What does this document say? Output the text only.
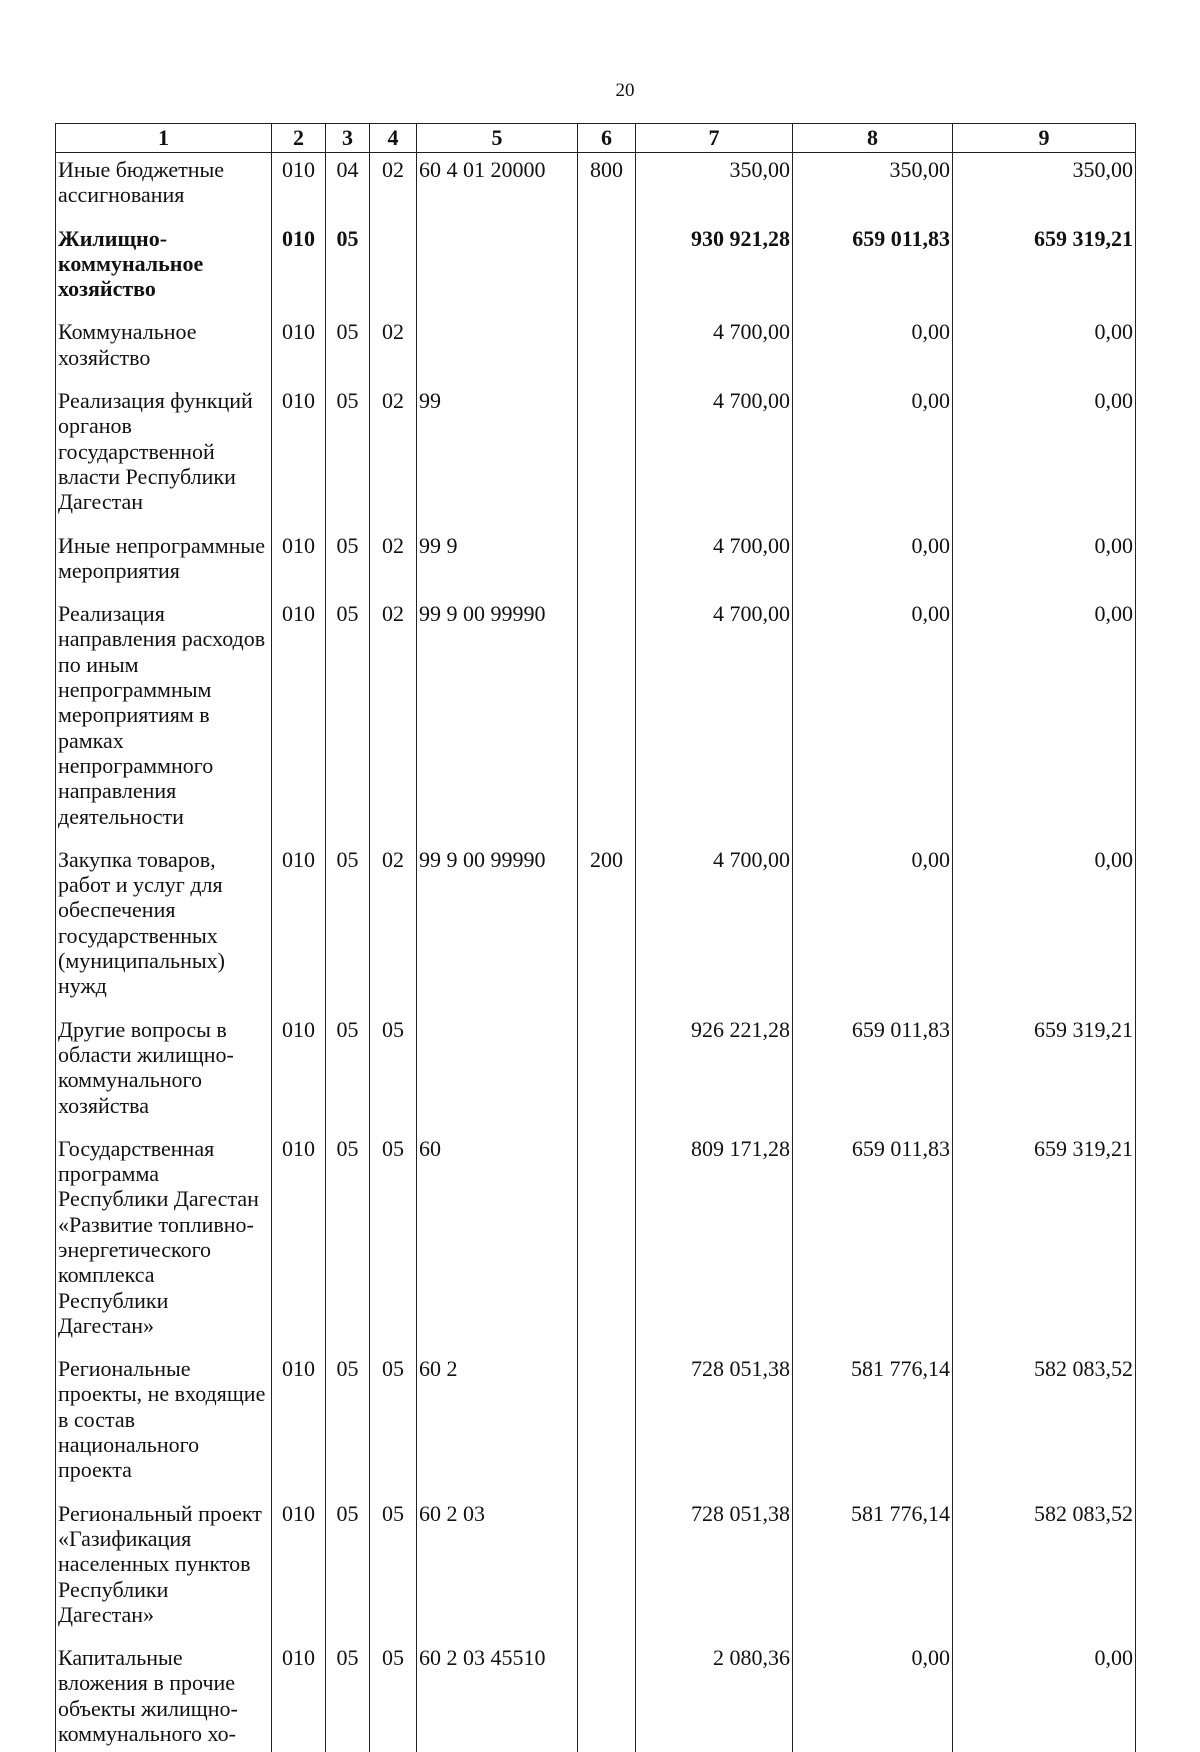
20
1	2	3	4	5	6	7	8	9
Иные бюджетные ассигнования	010	04	02	60 4 01 20000	800	350,00	350,00	350,00
Жилищно-коммунальное хозяйство	010	05				930 921,28	659 011,83	659 319,21
Коммунальное хозяйство	010	05	02			4 700,00	0,00	0,00
Реализация функций органов государственной власти Республики Дагестан	010	05	02	99		4 700,00	0,00	0,00
Иные непрограммные мероприятия	010	05	02	99 9		4 700,00	0,00	0,00
Реализация направления расходов по иным непрограммным мероприятиям в рамках непрограммного направления деятельности	010	05	02	99 9 00 99990		4 700,00	0,00	0,00
Закупка товаров, работ и услуг для обеспечения государственных (муниципальных) нужд	010	05	02	99 9 00 99990	200	4 700,00	0,00	0,00
Другие вопросы в области жилищно-коммунального хозяйства	010	05	05			926 221,28	659 011,83	659 319,21
Государственная программа Республики Дагестан «Развитие топливно-энергетического комплекса Республики Дагестан»	010	05	05	60		809 171,28	659 011,83	659 319,21
Региональные проекты, не входящие в состав национального проекта	010	05	05	60 2		728 051,38	581 776,14	582 083,52
Региональный проект «Газификация населенных пунктов Республики Дагестан»	010	05	05	60 2 03		728 051,38	581 776,14	582 083,52
Капитальные вложения в прочие объекты жилищно-коммунального хо-	010	05	05	60 2 03 45510		2 080,36	0,00	0,00
